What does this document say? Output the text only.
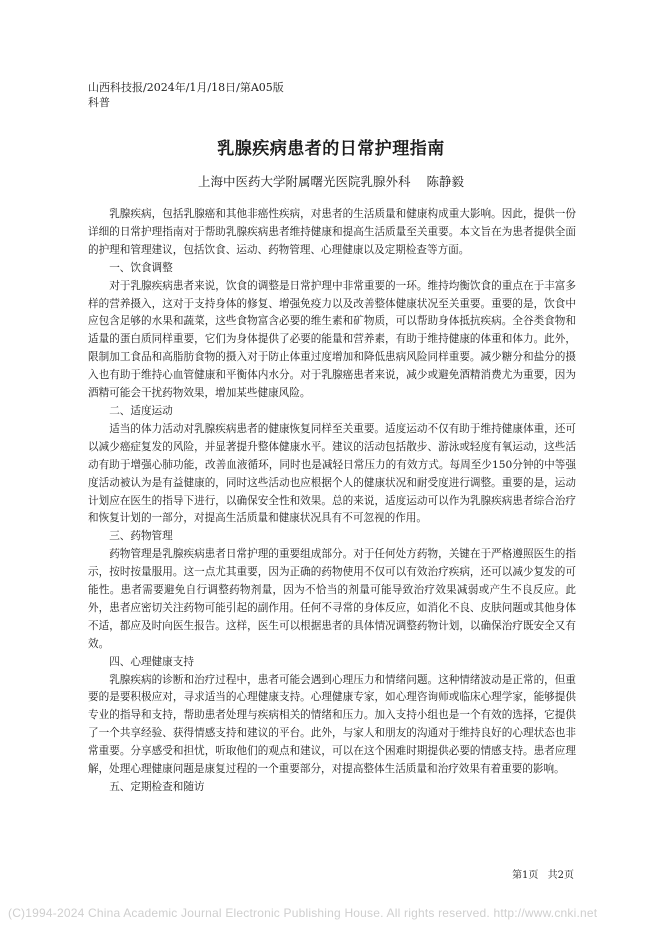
山西科技报/2024年/1月/18日/第A05版
科普
乳腺疾病患者的日常护理指南
上海中医药大学附属曙光医院乳腺外科 陈静毅

乳腺疾病，包括乳腺癌和其他非癌性疾病，对患者的生活质量和健康构成重大影响。因此，提供一份详细的日常护理指南对于帮助乳腺疾病患者维持健康和提高生活质量至关重要。本文旨在为患者提供全面的护理和管理建议，包括饮食、运动、药物管理、心理健康以及定期检查等方面。

一、饮食调整

对于乳腺疾病患者来说，饮食的调整是日常护理中非常重要的一环。维持均衡饮食的重点在于丰富多样的营养摄入，这对于支持身体的修复、增强免疫力以及改善整体健康状况至关重要。重要的是，饮食中应包含足够的水果和蔬菜，这些食物富含必要的维生素和矿物质，可以帮助身体抵抗疾病。全谷类食物和适量的蛋白质同样重要，它们为身体提供了必要的能量和营养素，有助于维持健康的体重和体力。此外，限制加工食品和高脂肪食物的摄入对于防止体重过度增加和降低患病风险同样重要。减少糖分和盐分的摄入也有助于维持心血管健康和平衡体内水分。对于乳腺癌患者来说，减少或避免酒精消费尤为重要，因为酒精可能会干扰药物效果，增加某些健康风险。

二、适度运动

适当的体力活动对乳腺疾病患者的健康恢复同样至关重要。适度运动不仅有助于维持健康体重，还可以减少癌症复发的风险，并显著提升整体健康水平。建议的活动包括散步、游泳或轻度有氧运动，这些活动有助于增强心肺功能，改善血液循环，同时也是减轻日常压力的有效方式。每周至少150分钟的中等强度活动被认为是有益健康的，同时这些活动也应根据个人的健康状况和耐受度进行调整。重要的是，运动计划应在医生的指导下进行，以确保安全性和效果。总的来说，适度运动可以作为乳腺疾病患者综合治疗和恢复计划的一部分，对提高生活质量和健康状况具有不可忽视的作用。

三、药物管理

药物管理是乳腺疾病患者日常护理的重要组成部分。对于任何处方药物，关键在于严格遵照医生的指示，按时按量服用。这一点尤其重要，因为正确的药物使用不仅可以有效治疗疾病，还可以减少复发的可能性。患者需要避免自行调整药物剂量，因为不恰当的剂量可能导致治疗效果减弱或产生不良反应。此外，患者应密切关注药物可能引起的副作用。任何不寻常的身体反应，如消化不良、皮肤问题或其他身体不适，都应及时向医生报告。这样，医生可以根据患者的具体情况调整药物计划，以确保治疗既安全又有效。

四、心理健康支持

乳腺疾病的诊断和治疗过程中，患者可能会遇到心理压力和情绪问题。这种情绪波动是正常的，但重要的是要积极应对，寻求适当的心理健康支持。心理健康专家，如心理咨询师或临床心理学家，能够提供专业的指导和支持，帮助患者处理与疾病相关的情绪和压力。加入支持小组也是一个有效的选择，它提供了一个共享经验、获得情感支持和建议的平台。此外，与家人和朋友的沟通对于维持良好的心理状态也非常重要。分享感受和担忧，听取他们的观点和建议，可以在这个困难时期提供必要的情感支持。患者应理解，处理心理健康问题是康复过程的一个重要部分，对提高整体生活质量和治疗效果有着重要的影响。

五、定期检查和随访

第1页 共2页
(C)1994-2024 China Academic Journal Electronic Publishing House. All rights reserved. http://www.cnki.net
